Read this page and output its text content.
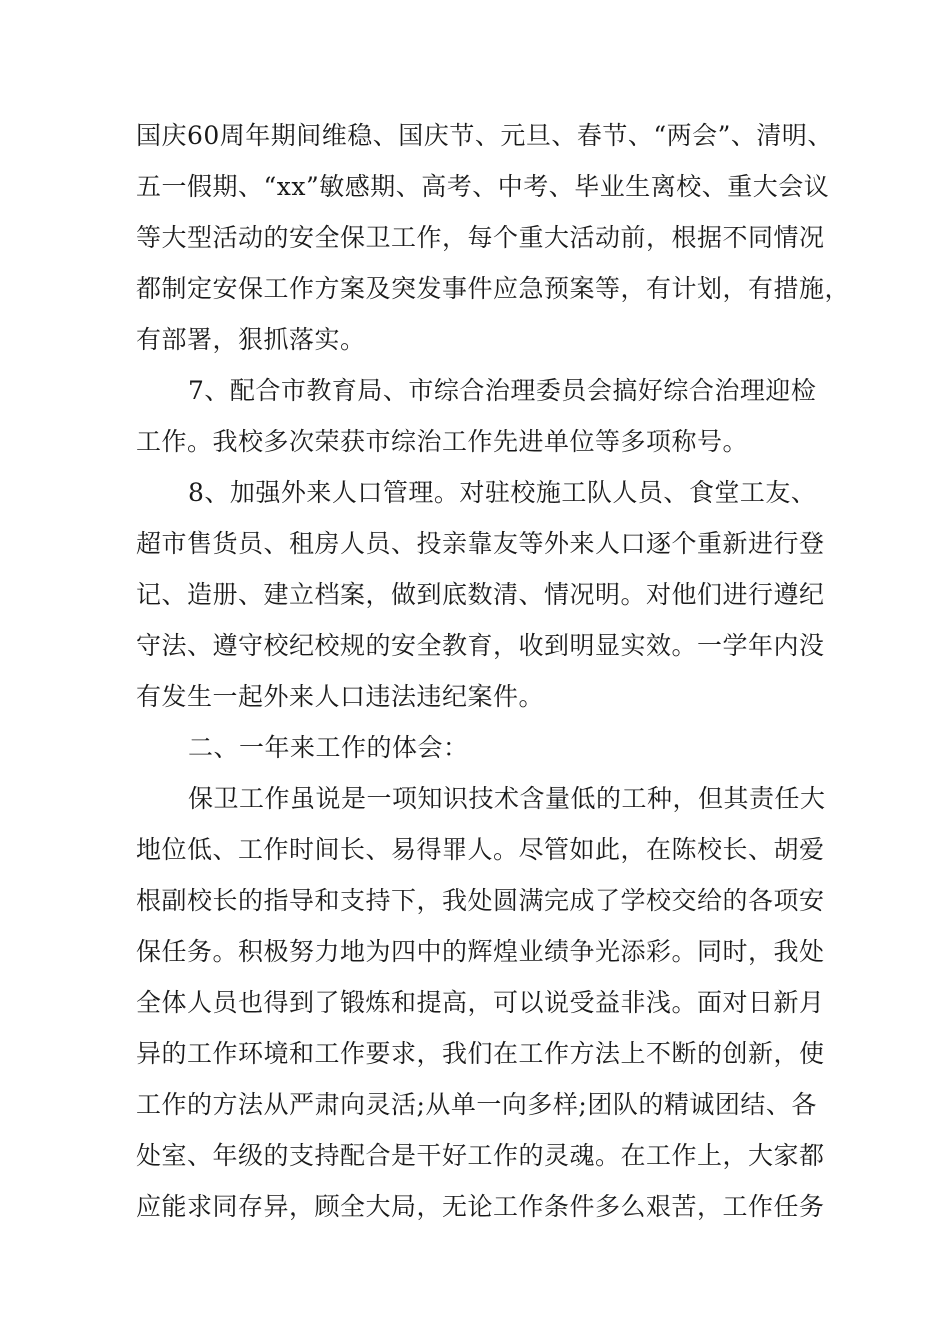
国庆60周年期间维稳、国庆节、元旦、春节、“两会”、清明、
五一假期、“xx”敏感期、高考、中考、毕业生离校、重大会议
等大型活动的安全保卫工作，每个重大活动前，根据不同情况
都制定安保工作方案及突发事件应急预案等，有计划，有措施，
有部署，狠抓落实。
7、配合市教育局、市综合治理委员会搞好综合治理迎检
工作。我校多次荣获市综治工作先进单位等多项称号。
8、加强外来人口管理。对驻校施工队人员、食堂工友、
超市售货员、租房人员、投亲靠友等外来人口逐个重新进行登
记、造册、建立档案，做到底数清、情况明。对他们进行遵纪
守法、遵守校纪校规的安全教育，收到明显实效。一学年内没
有发生一起外来人口违法违纪案件。
二、一年来工作的体会：
保卫工作虽说是一项知识技术含量低的工种，但其责任大
地位低、工作时间长、易得罪人。尽管如此，在陈校长、胡爱
根副校长的指导和支持下，我处圆满完成了学校交给的各项安
保任务。积极努力地为四中的辉煌业绩争光添彩。同时，我处
全体人员也得到了锻炼和提高，可以说受益非浅。面对日新月
异的工作环境和工作要求，我们在工作方法上不断的创新，使
工作的方法从严肃向灵活;从单一向多样;团队的精诚团结、各
处室、年级的支持配合是干好工作的灵魂。在工作上，大家都
应能求同存异，顾全大局，无论工作条件多么艰苦，工作任务
